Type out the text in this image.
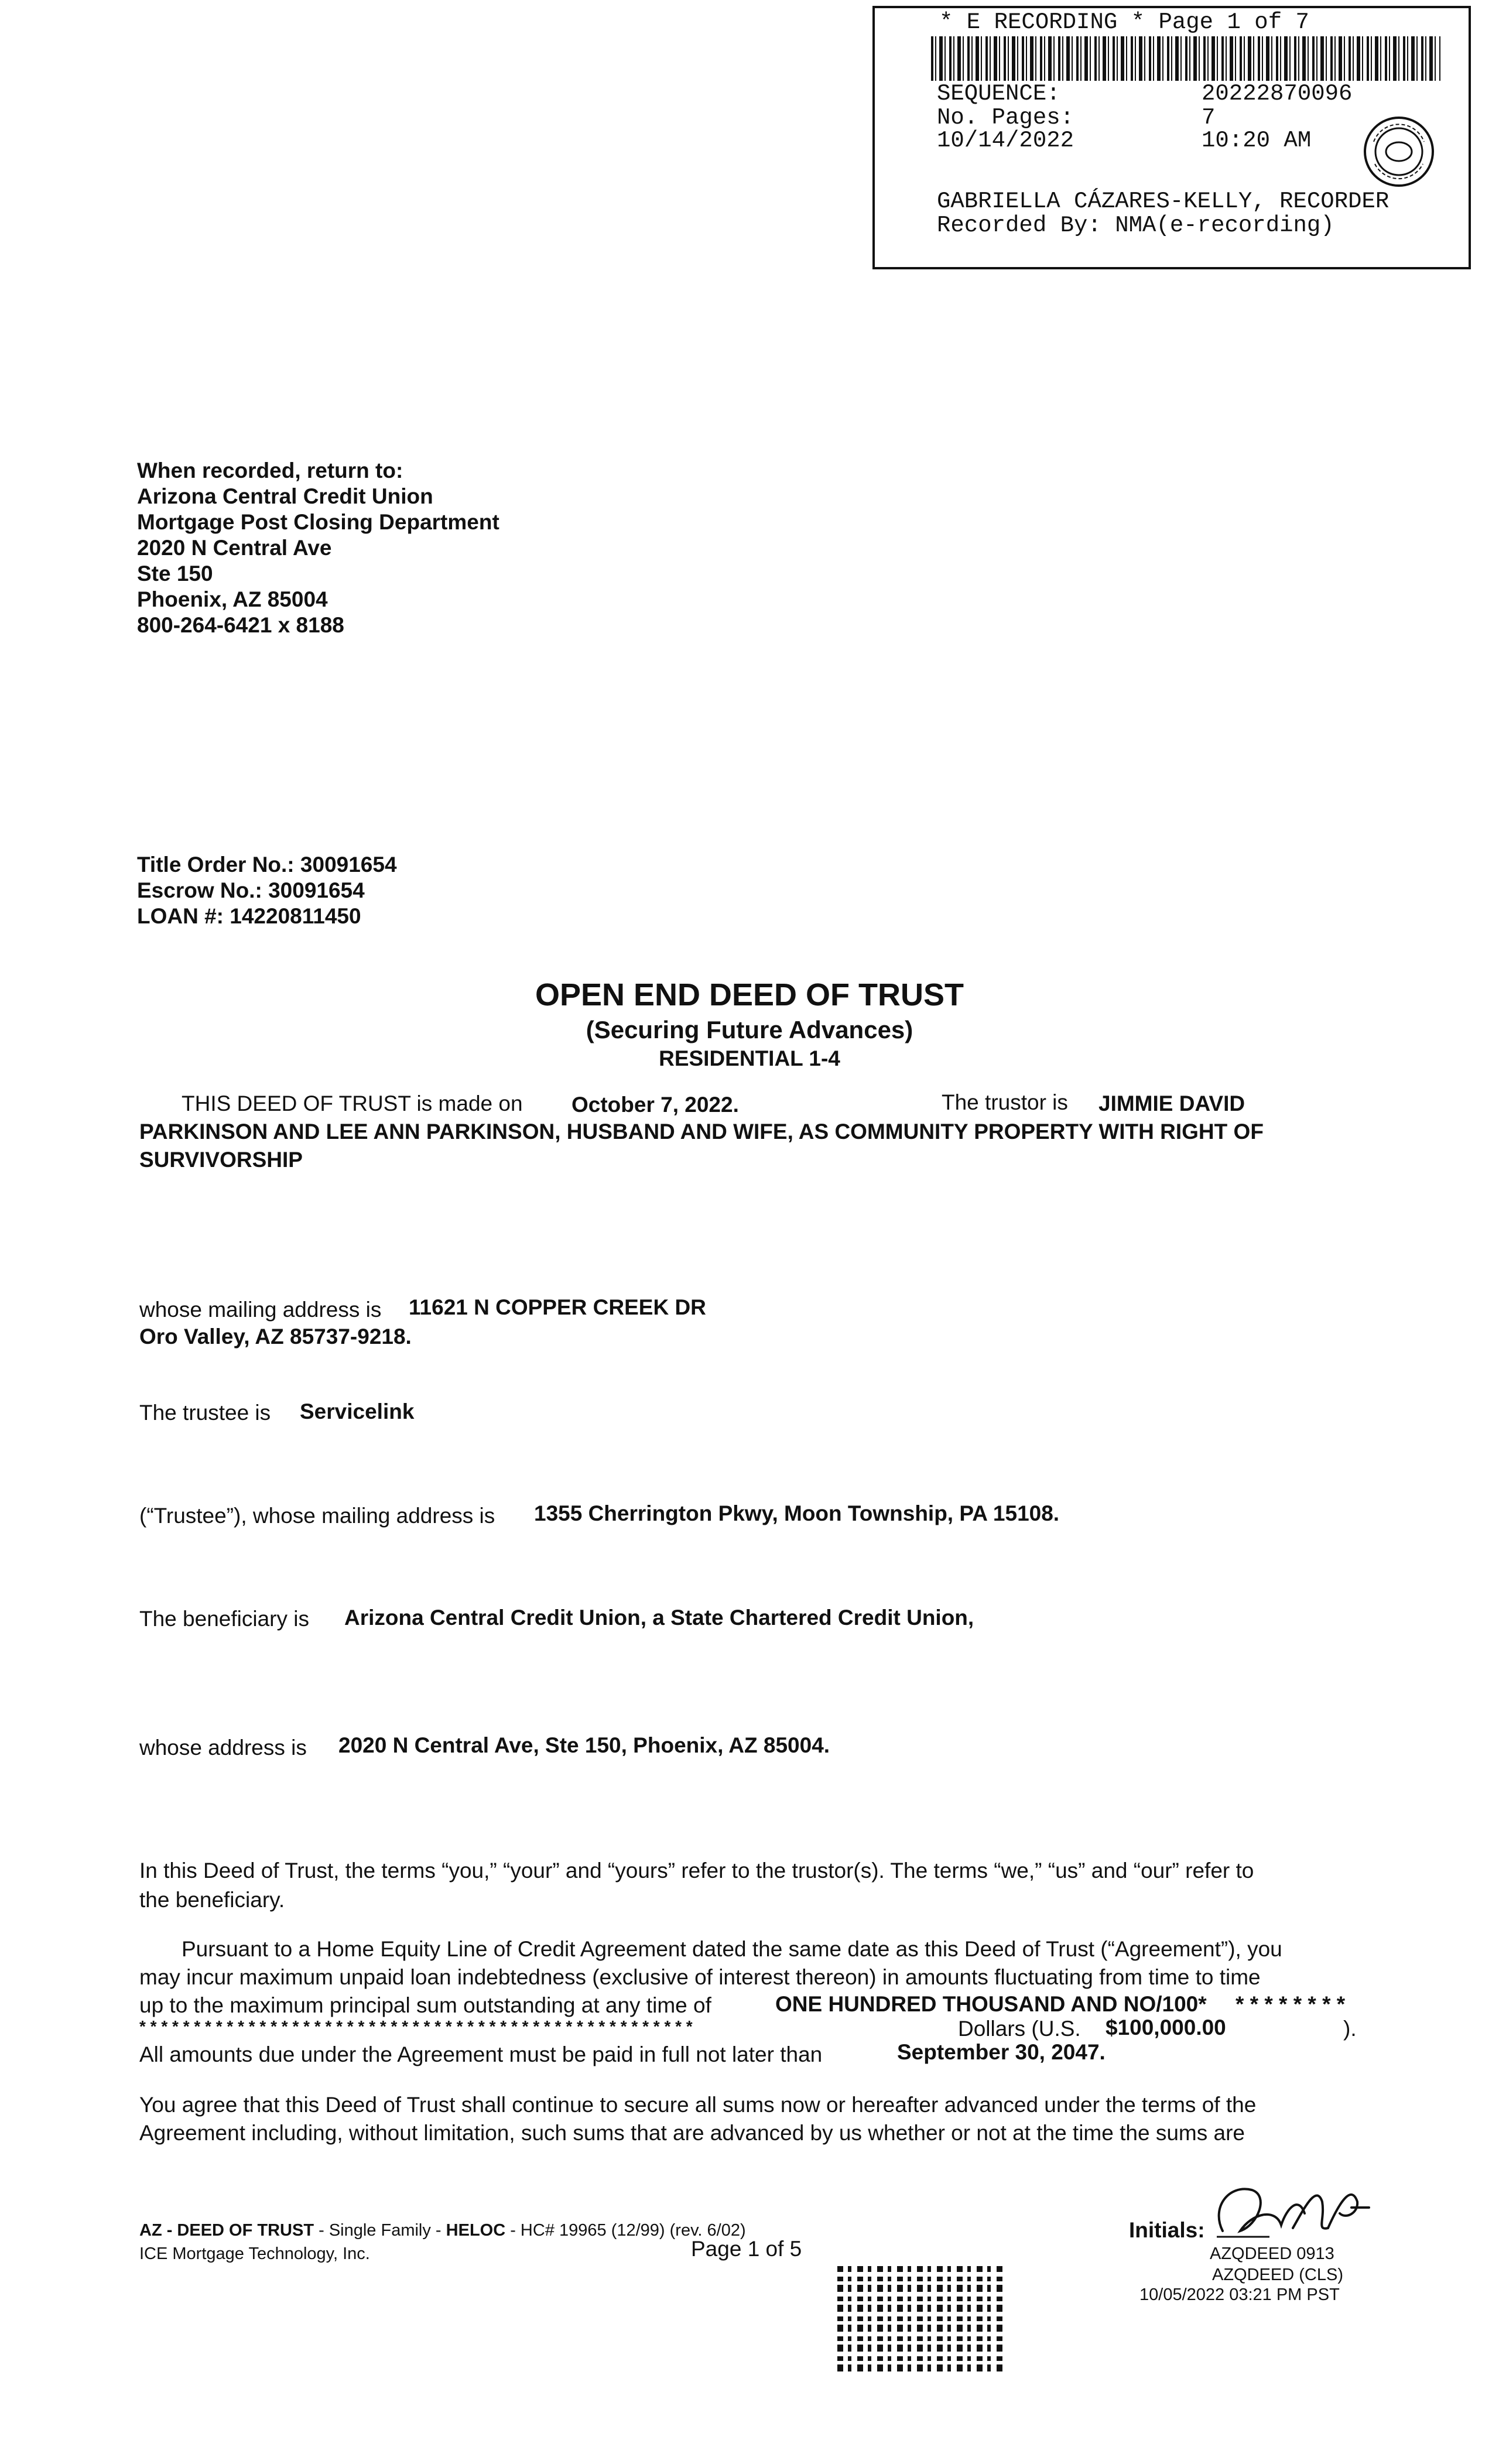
* E RECORDING * Page 1 of 7
SEQUENCE:	20222870096
No. Pages:	7
10/14/2022	10:20 AM
GABRIELLA CÁZARES-KELLY, RECORDER
Recorded By: NMA(e-recording)
When recorded, return to:
Arizona Central Credit Union
Mortgage Post Closing Department
2020 N Central Ave
Ste 150
Phoenix, AZ 85004
800-264-6421 x 8188
Title Order No.: 30091654
Escrow No.: 30091654
LOAN #: 14220811450
OPEN END DEED OF TRUST
(Securing Future Advances)
RESIDENTIAL 1-4
THIS DEED OF TRUST is made on October 7, 2022.	The trustor is JIMMIE DAVID
PARKINSON AND LEE ANN PARKINSON, HUSBAND AND WIFE, AS COMMUNITY PROPERTY WITH RIGHT OF
SURVIVORSHIP
whose mailing address is 11621 N COPPER CREEK DR
Oro Valley, AZ 85737-9218.
The trustee is Servicelink
(“Trustee”), whose mailing address is 1355 Cherrington Pkwy, Moon Township, PA 15108.
The beneficiary is Arizona Central Credit Union, a State Chartered Credit Union,
whose address is 2020 N Central Ave, Ste 150, Phoenix, AZ 85004.
In this Deed of Trust, the terms “you,” “your” and “yours” refer to the trustor(s). The terms “we,” “us” and “our” refer to
the beneficiary.
Pursuant to a Home Equity Line of Credit Agreement dated the same date as this Deed of Trust (“Agreement”), you
may incur maximum unpaid loan indebtedness (exclusive of interest thereon) in amounts fluctuating from time to time
up to the maximum principal sum outstanding at any time of	ONE HUNDRED THOUSAND AND NO/100* * * * * * * * *
* * * * * * * * * * * * * * * * * * * * * * * * * * * * * * * * * * * * * * * * * * * * * * * * * * *	Dollars (U.S. $100,000.00	).
All amounts due under the Agreement must be paid in full not later than	September 30, 2047.
You agree that this Deed of Trust shall continue to secure all sums now or hereafter advanced under the terms of the
Agreement including, without limitation, such sums that are advanced by us whether or not at the time the sums are
AZ - DEED OF TRUST - Single Family - HELOC - HC# 19965 (12/99) (rev. 6/02)
ICE Mortgage Technology, Inc.	Page 1 of 5
Initials:
AZQDEED 0913
AZQDEED (CLS)
10/05/2022 03:21 PM PST
